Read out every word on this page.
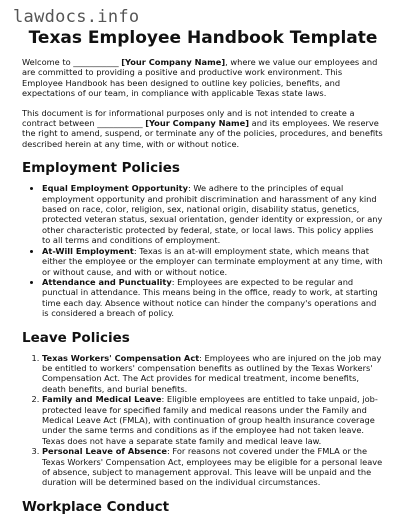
lawdocs.info
Texas Employee Handbook Template

Welcome to ___________ [Your Company Name], where we value our employees and are committed to providing a positive and productive work environment. This Employee Handbook has been designed to outline key policies, benefits, and expectations of our team, in compliance with applicable Texas state laws.

This document is for informational purposes only and is not intended to create a contract between ___________ [Your Company Name] and its employees. We reserve the right to amend, suspend, or terminate any of the policies, procedures, and benefits described herein at any time, with or without notice.

Employment Policies
• Equal Employment Opportunity: We adhere to the principles of equal employment opportunity and prohibit discrimination and harassment of any kind based on race, color, religion, sex, national origin, disability status, genetics, protected veteran status, sexual orientation, gender identity or expression, or any other characteristic protected by federal, state, or local laws. This policy applies to all terms and conditions of employment.
• At-Will Employment: Texas is an at-will employment state, which means that either the employee or the employer can terminate employment at any time, with or without cause, and with or without notice.
• Attendance and Punctuality: Employees are expected to be regular and punctual in attendance. This means being in the office, ready to work, at starting time each day. Absence without notice can hinder the company's operations and is considered a breach of policy.
Leave Policies
1. Texas Workers' Compensation Act: Employees who are injured on the job may be entitled to workers' compensation benefits as outlined by the Texas Workers' Compensation Act. The Act provides for medical treatment, income benefits, death benefits, and burial benefits.
2. Family and Medical Leave: Eligible employees are entitled to take unpaid, job-protected leave for specified family and medical reasons under the Family and Medical Leave Act (FMLA), with continuation of group health insurance coverage under the same terms and conditions as if the employee had not taken leave. Texas does not have a separate state family and medical leave law.
3. Personal Leave of Absence: For reasons not covered under the FMLA or the Texas Workers' Compensation Act, employees may be eligible for a personal leave of absence, subject to management approval. This leave will be unpaid and the duration will be determined based on the individual circumstances.
Workplace Conduct
